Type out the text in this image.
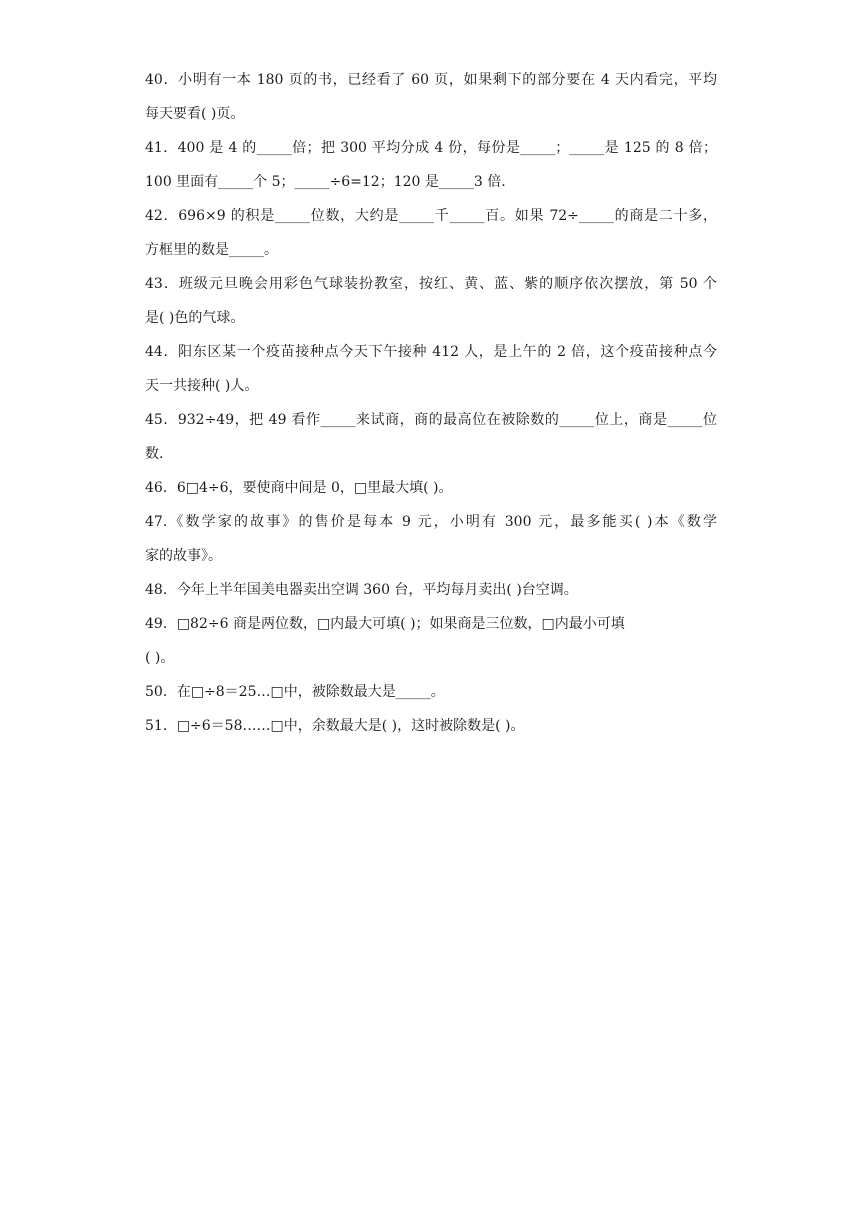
40．小明有一本 180 页的书，已经看了 60 页，如果剩下的部分要在 4 天内看完，平均
每天要看( )页。
41．400 是 4 的_____倍；把 300 平均分成 4 份，每份是_____；_____是 125 的 8 倍；
100 里面有_____个 5；_____÷6=12；120 是_____3 倍.
42．696×9 的积是_____位数，大约是_____千_____百。如果 72÷_____的商是二十多，
方框里的数是_____。
43．班级元旦晚会用彩色气球装扮教室，按红、黄、蓝、紫的顺序依次摆放，第 50 个
是( )色的气球。
44．阳东区某一个疫苗接种点今天下午接种 412 人，是上午的 2 倍，这个疫苗接种点今
天一共接种( )人。
45．932÷49，把 49 看作_____来试商，商的最高位在被除数的_____位上，商是_____位
数.
46．6□4÷6，要使商中间是 0，□里最大填( )。
47.《数学家的故事》的售价是每本 9 元，小明有 300 元，最多能买( )本《数学
家的故事》。
48．今年上半年国美电器卖出空调 360 台，平均每月卖出( )台空调。
49．□82÷6 商是两位数，□内最大可填( )；如果商是三位数，□内最小可填
( )。
50．在□÷8＝25…□中，被除数最大是_____。
51．□÷6＝58……□中，余数最大是( )，这时被除数是( )。
